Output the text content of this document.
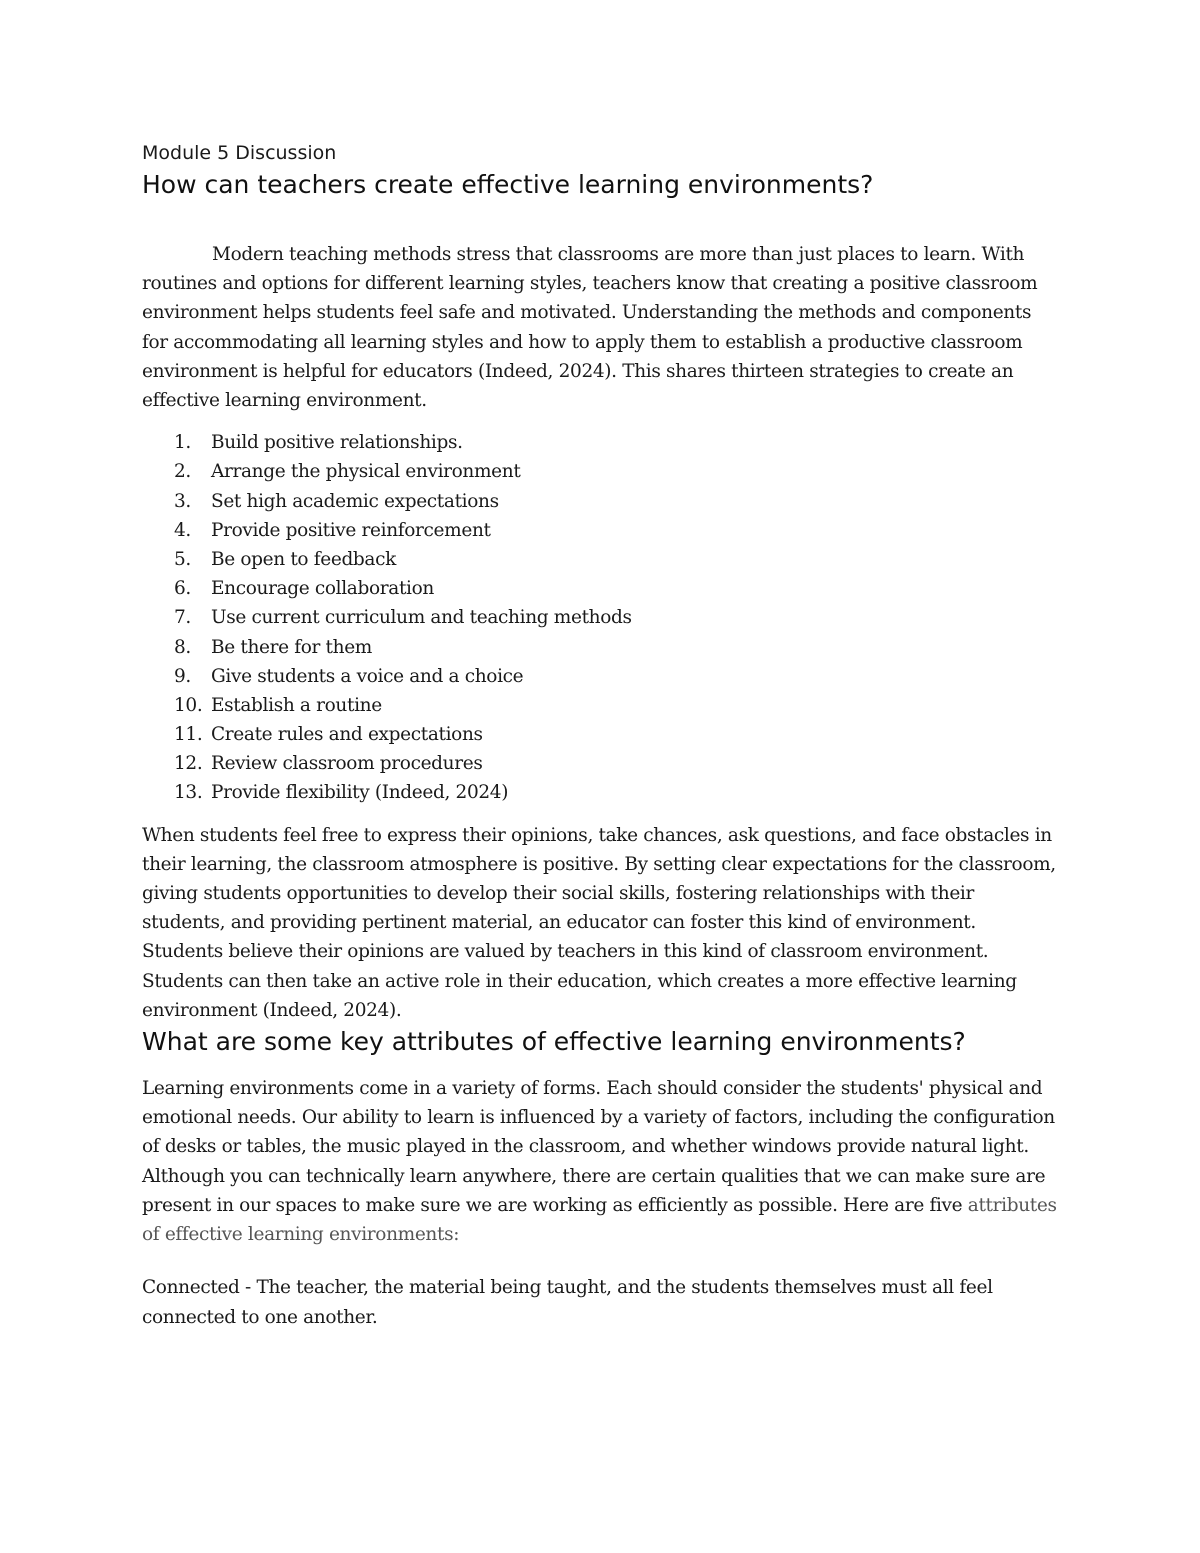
Module 5 Discussion
How can teachers create effective learning environments?

Modern teaching methods stress that classrooms are more than just places to learn. With routines and options for different learning styles, teachers know that creating a positive classroom environment helps students feel safe and motivated. Understanding the methods and components for accommodating all learning styles and how to apply them to establish a productive classroom environment is helpful for educators (Indeed, 2024). This shares thirteen strategies to create an effective learning environment.

1. Build positive relationships.
2. Arrange the physical environment
3. Set high academic expectations
4. Provide positive reinforcement
5. Be open to feedback
6. Encourage collaboration
7. Use current curriculum and teaching methods
8. Be there for them
9. Give students a voice and a choice
10. Establish a routine
11. Create rules and expectations
12. Review classroom procedures
13. Provide flexibility (Indeed, 2024)

When students feel free to express their opinions, take chances, ask questions, and face obstacles in their learning, the classroom atmosphere is positive. By setting clear expectations for the classroom, giving students opportunities to develop their social skills, fostering relationships with their students, and providing pertinent material, an educator can foster this kind of environment. Students believe their opinions are valued by teachers in this kind of classroom environment. Students can then take an active role in their education, which creates a more effective learning environment (Indeed, 2024).

What are some key attributes of effective learning environments?

Learning environments come in a variety of forms. Each should consider the students' physical and emotional needs. Our ability to learn is influenced by a variety of factors, including the configuration of desks or tables, the music played in the classroom, and whether windows provide natural light. Although you can technically learn anywhere, there are certain qualities that we can make sure are present in our spaces to make sure we are working as efficiently as possible. Here are five attributes of effective learning environments:

Connected - The teacher, the material being taught, and the students themselves must all feel connected to one another.
